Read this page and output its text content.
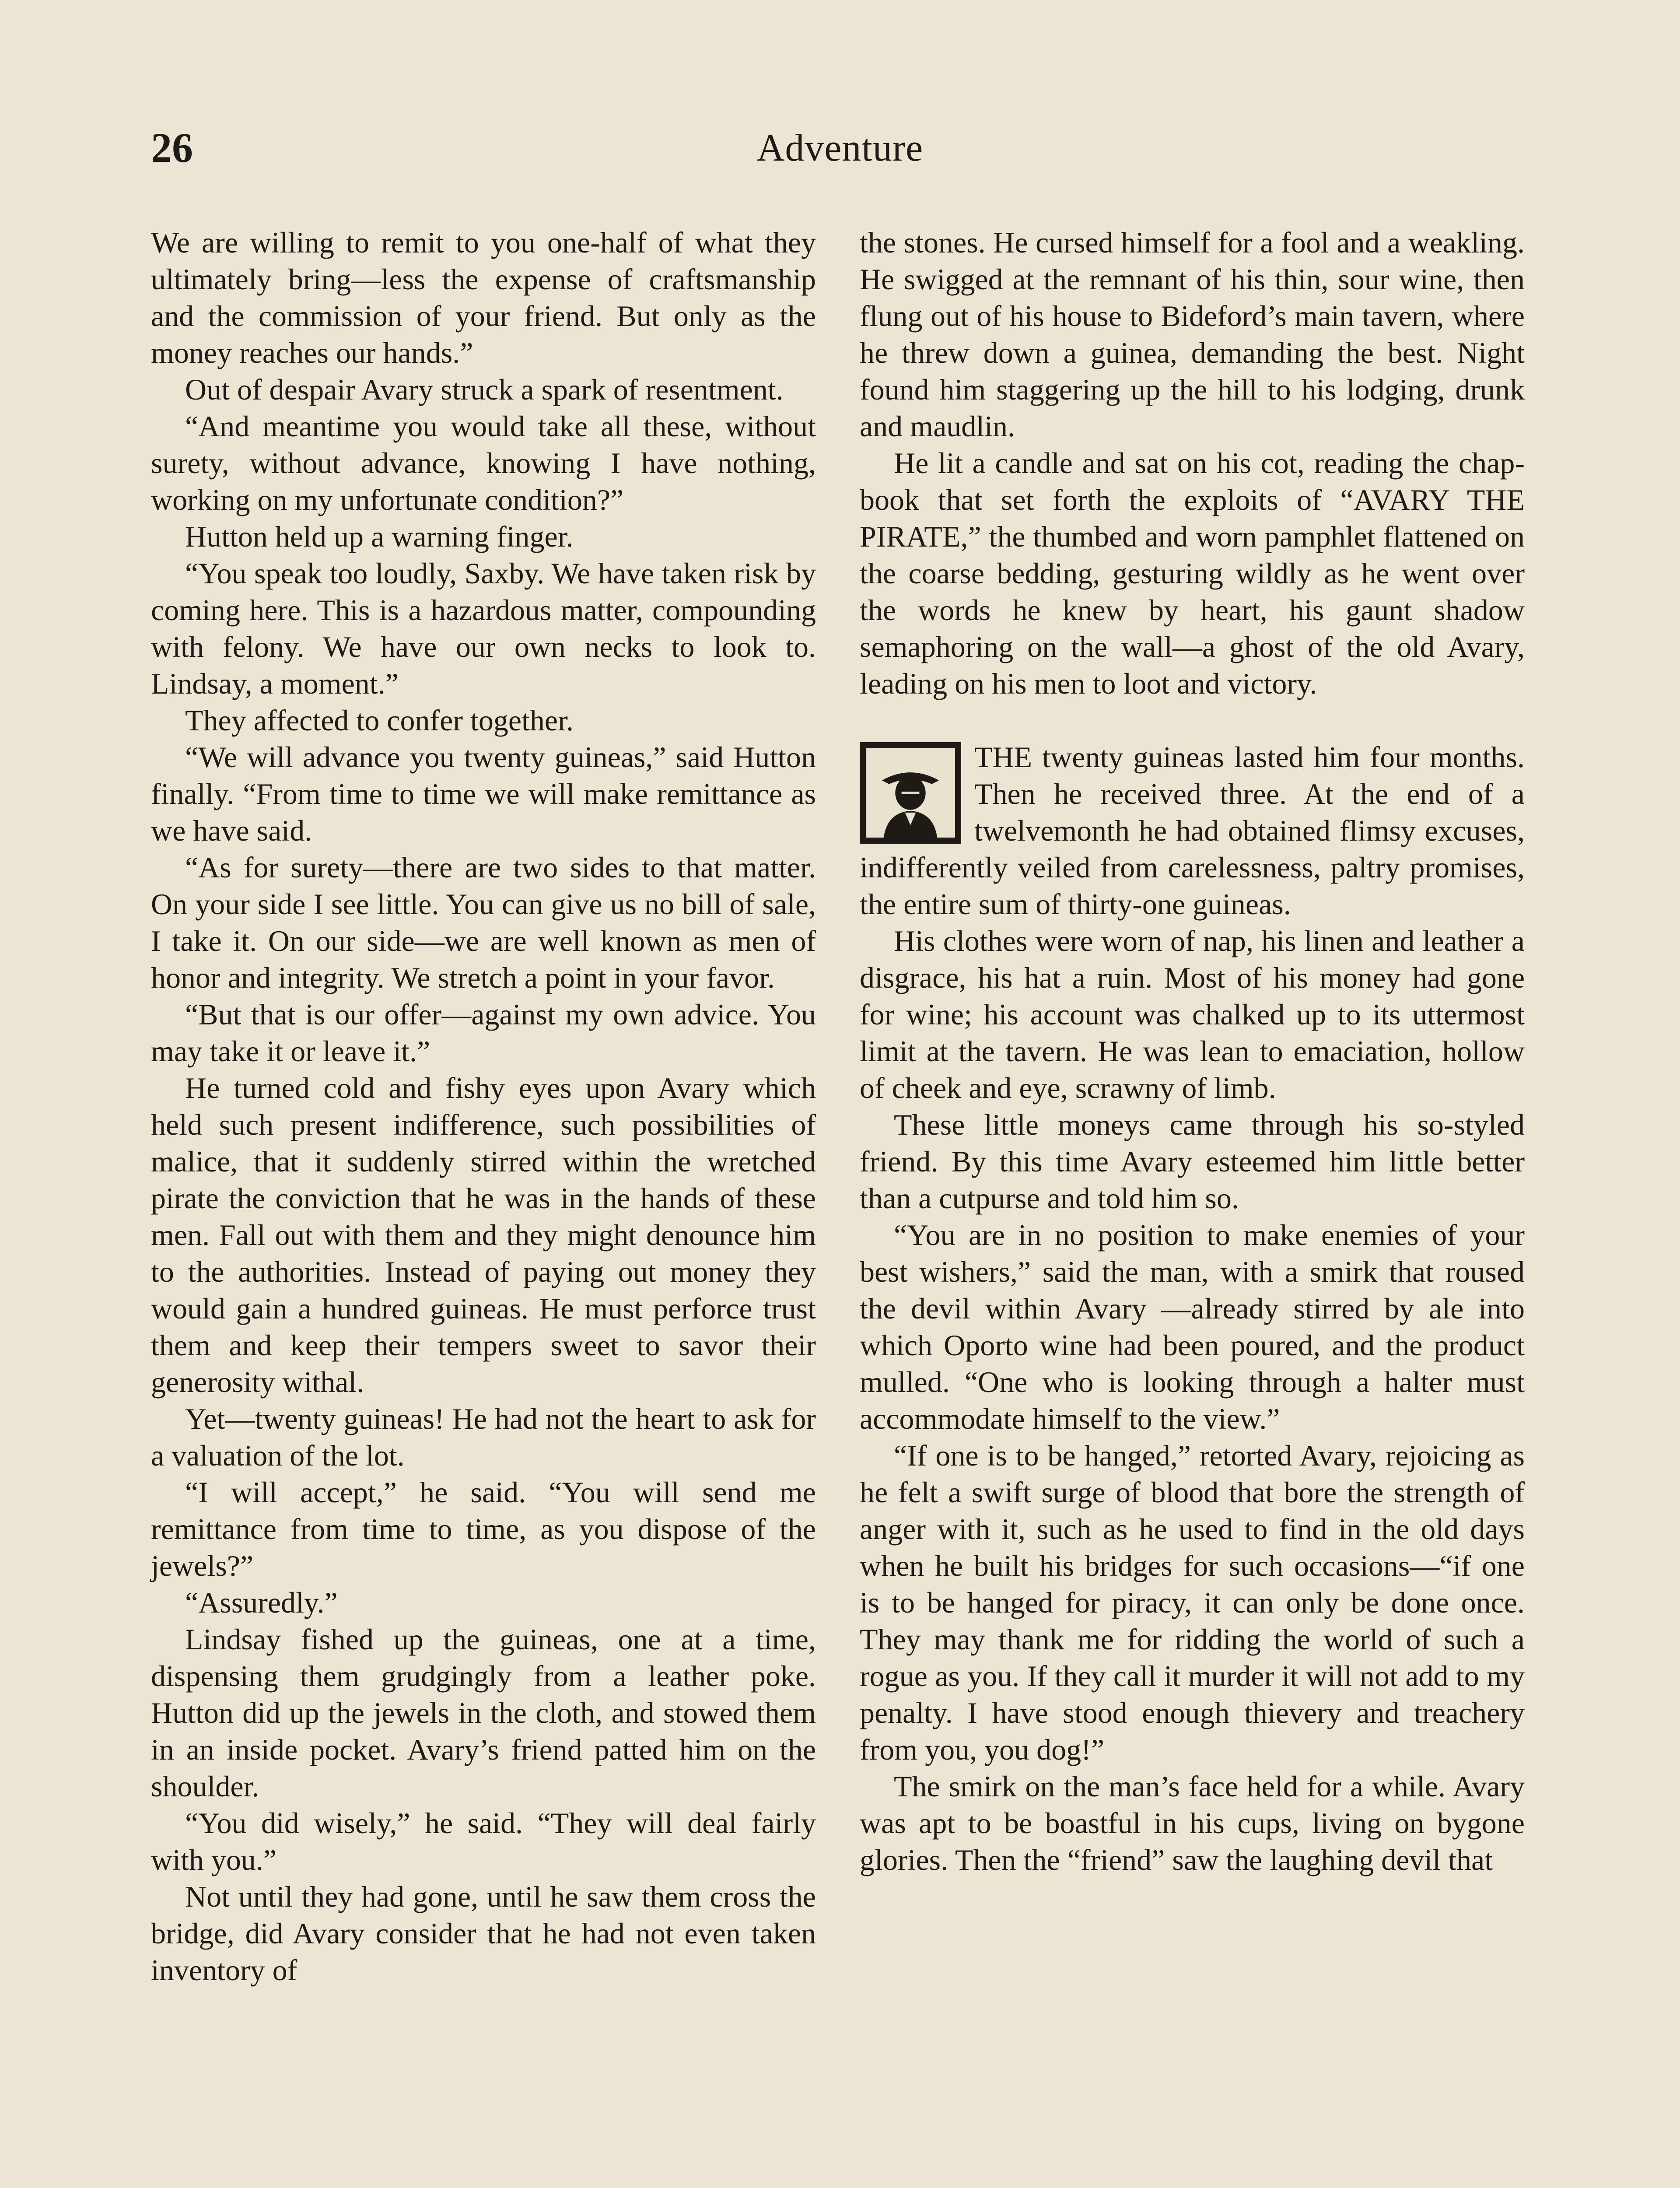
26	Adventure

We are willing to remit to you one-half of what they ultimately bring—less the expense of craftsmanship and the commission of your friend. But only as the money reaches our hands.”

Out of despair Avary struck a spark of resentment.

“And meantime you would take all these, without surety, without advance, knowing I have nothing, working on my unfortunate condition?”

Hutton held up a warning finger.

“You speak too loudly, Saxby. We have taken risk by coming here. This is a hazardous matter, compounding with felony. We have our own necks to look to. Lindsay, a moment.”

They affected to confer together.

“We will advance you twenty guineas,” said Hutton finally. “From time to time we will make remittance as we have said.

“As for surety—there are two sides to that matter. On your side I see little. You can give us no bill of sale, I take it. On our side—we are well known as men of honor and integrity. We stretch a point in your favor.

“But that is our offer—against my own advice. You may take it or leave it.”

He turned cold and fishy eyes upon Avary which held such present indifference, such possibilities of malice, that it suddenly stirred within the wretched pirate the conviction that he was in the hands of these men. Fall out with them and they might denounce him to the authorities. Instead of paying out money they would gain a hundred guineas. He must perforce trust them and keep their tempers sweet to savor their generosity withal.

Yet—twenty guineas! He had not the heart to ask for a valuation of the lot.

“I will accept,” he said. “You will send me remittance from time to time, as you dispose of the jewels?”

“Assuredly.”

Lindsay fished up the guineas, one at a time, dispensing them grudgingly from a leather poke. Hutton did up the jewels in the cloth, and stowed them in an inside pocket. Avary’s friend patted him on the shoulder.

“You did wisely,” he said. “They will deal fairly with you.”

Not until they had gone, until he saw them cross the bridge, did Avary consider that he had not even taken inventory of

the stones. He cursed himself for a fool and a weakling. He swigged at the remnant of his thin, sour wine, then flung out of his house to Bideford’s main tavern, where he threw down a guinea, demanding the best. Night found him staggering up the hill to his lodging, drunk and maudlin.

He lit a candle and sat on his cot, reading the chap-book that set forth the exploits of “AVARY THE PIRATE,” the thumbed and worn pamphlet flattened on the coarse bedding, gesturing wildly as he went over the words he knew by heart, his gaunt shadow semaphoring on the wall—a ghost of the old Avary, leading on his men to loot and victory.

THE twenty guineas lasted him four months. Then he received three. At the end of a twelvemonth he had obtained flimsy excuses, indifferently veiled from carelessness, paltry promises, the entire sum of thirty-one guineas.

His clothes were worn of nap, his linen and leather a disgrace, his hat a ruin. Most of his money had gone for wine; his account was chalked up to its uttermost limit at the tavern. He was lean to emaciation, hollow of cheek and eye, scrawny of limb.

These little moneys came through his so-styled friend. By this time Avary esteemed him little better than a cutpurse and told him so.

“You are in no position to make enemies of your best wishers,” said the man, with a smirk that roused the devil within Avary —already stirred by ale into which Oporto wine had been poured, and the product mulled. “One who is looking through a halter must accommodate himself to the view.”

“If one is to be hanged,” retorted Avary, rejoicing as he felt a swift surge of blood that bore the strength of anger with it, such as he used to find in the old days when he built his bridges for such occasions—“if one is to be hanged for piracy, it can only be done once. They may thank me for ridding the world of such a rogue as you. If they call it murder it will not add to my penalty. I have stood enough thievery and treachery from you, you dog!”

The smirk on the man’s face held for a while. Avary was apt to be boastful in his cups, living on bygone glories. Then the “friend” saw the laughing devil that
